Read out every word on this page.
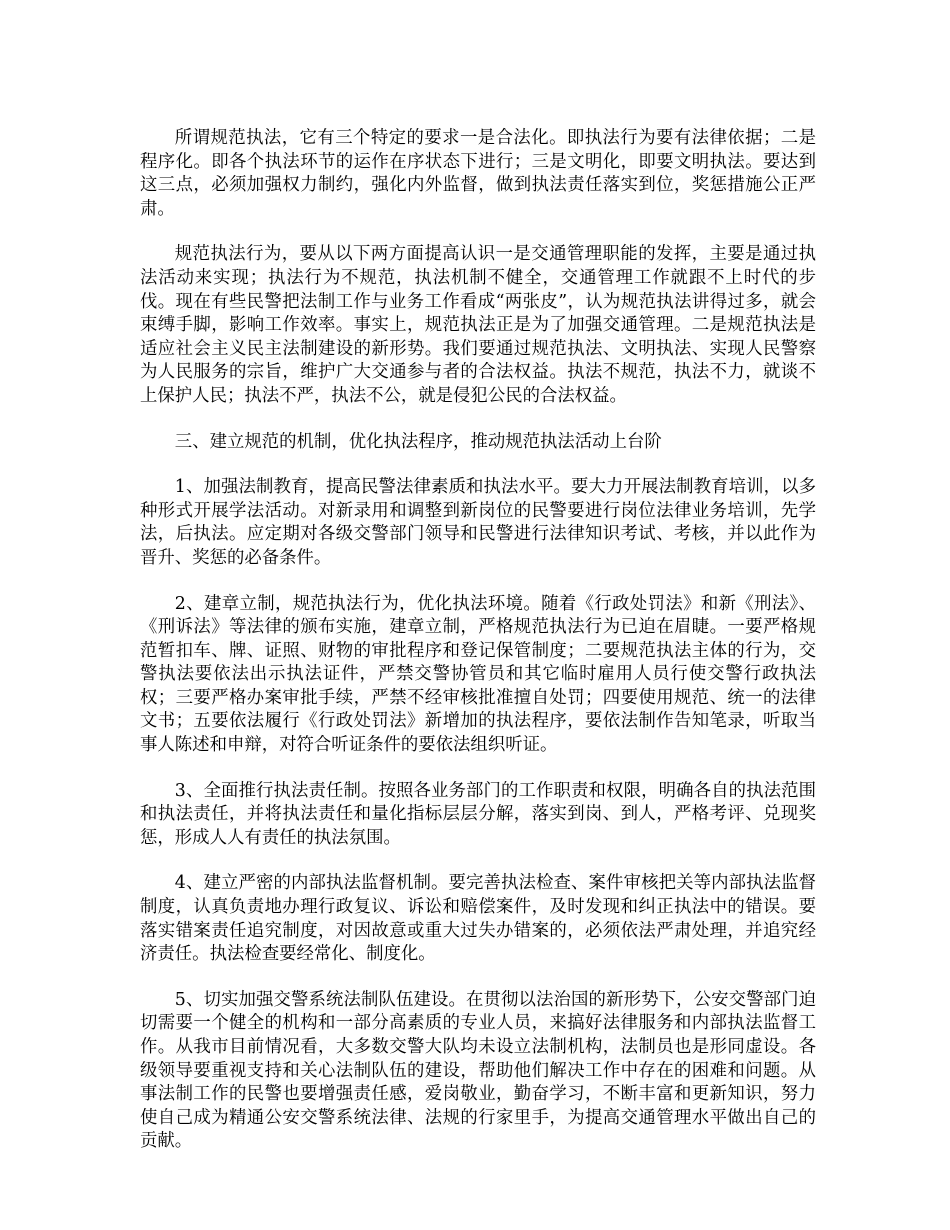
所谓规范执法，它有三个特定的要求一是合法化。即执法行为要有法律依据；二是程序化。即各个执法环节的运作在序状态下进行；三是文明化，即要文明执法。要达到这三点，必须加强权力制约，强化内外监督，做到执法责任落实到位，奖惩措施公正严肃。

规范执法行为，要从以下两方面提高认识一是交通管理职能的发挥，主要是通过执法活动来实现；执法行为不规范，执法机制不健全，交通管理工作就跟不上时代的步伐。现在有些民警把法制工作与业务工作看成“两张皮”，认为规范执法讲得过多，就会束缚手脚，影响工作效率。事实上，规范执法正是为了加强交通管理。二是规范执法是适应社会主义民主法制建设的新形势。我们要通过规范执法、文明执法、实现人民警察为人民服务的宗旨，维护广大交通参与者的合法权益。执法不规范，执法不力，就谈不上保护人民；执法不严，执法不公，就是侵犯公民的合法权益。

三、建立规范的机制，优化执法程序，推动规范执法活动上台阶

1、加强法制教育，提高民警法律素质和执法水平。要大力开展法制教育培训，以多种形式开展学法活动。对新录用和调整到新岗位的民警要进行岗位法律业务培训，先学法，后执法。应定期对各级交警部门领导和民警进行法律知识考试、考核，并以此作为晋升、奖惩的必备条件。

2、建章立制，规范执法行为，优化执法环境。随着《行政处罚法》和新《刑法》、《刑诉法》等法律的颁布实施，建章立制，严格规范执法行为已迫在眉睫。一要严格规范暂扣车、牌、证照、财物的审批程序和登记保管制度；二要规范执法主体的行为，交警执法要依法出示执法证件，严禁交警协管员和其它临时雇用人员行使交警行政执法权；三要严格办案审批手续，严禁不经审核批准擅自处罚；四要使用规范、统一的法律文书；五要依法履行《行政处罚法》新增加的执法程序，要依法制作告知笔录，听取当事人陈述和申辩，对符合听证条件的要依法组织听证。

3、全面推行执法责任制。按照各业务部门的工作职责和权限，明确各自的执法范围和执法责任，并将执法责任和量化指标层层分解，落实到岗、到人，严格考评、兑现奖惩，形成人人有责任的执法氛围。

4、建立严密的内部执法监督机制。要完善执法检查、案件审核把关等内部执法监督制度，认真负责地办理行政复议、诉讼和赔偿案件，及时发现和纠正执法中的错误。要落实错案责任追究制度，对因故意或重大过失办错案的，必须依法严肃处理，并追究经济责任。执法检查要经常化、制度化。

5、切实加强交警系统法制队伍建设。在贯彻以法治国的新形势下，公安交警部门迫切需要一个健全的机构和一部分高素质的专业人员，来搞好法律服务和内部执法监督工作。从我市目前情况看，大多数交警大队均未设立法制机构，法制员也是形同虚设。各级领导要重视支持和关心法制队伍的建设，帮助他们解决工作中存在的困难和问题。从事法制工作的民警也要增强责任感，爱岗敬业，勤奋学习，不断丰富和更新知识，努力使自己成为精通公安交警系统法律、法规的行家里手，为提高交通管理水平做出自己的贡献。
